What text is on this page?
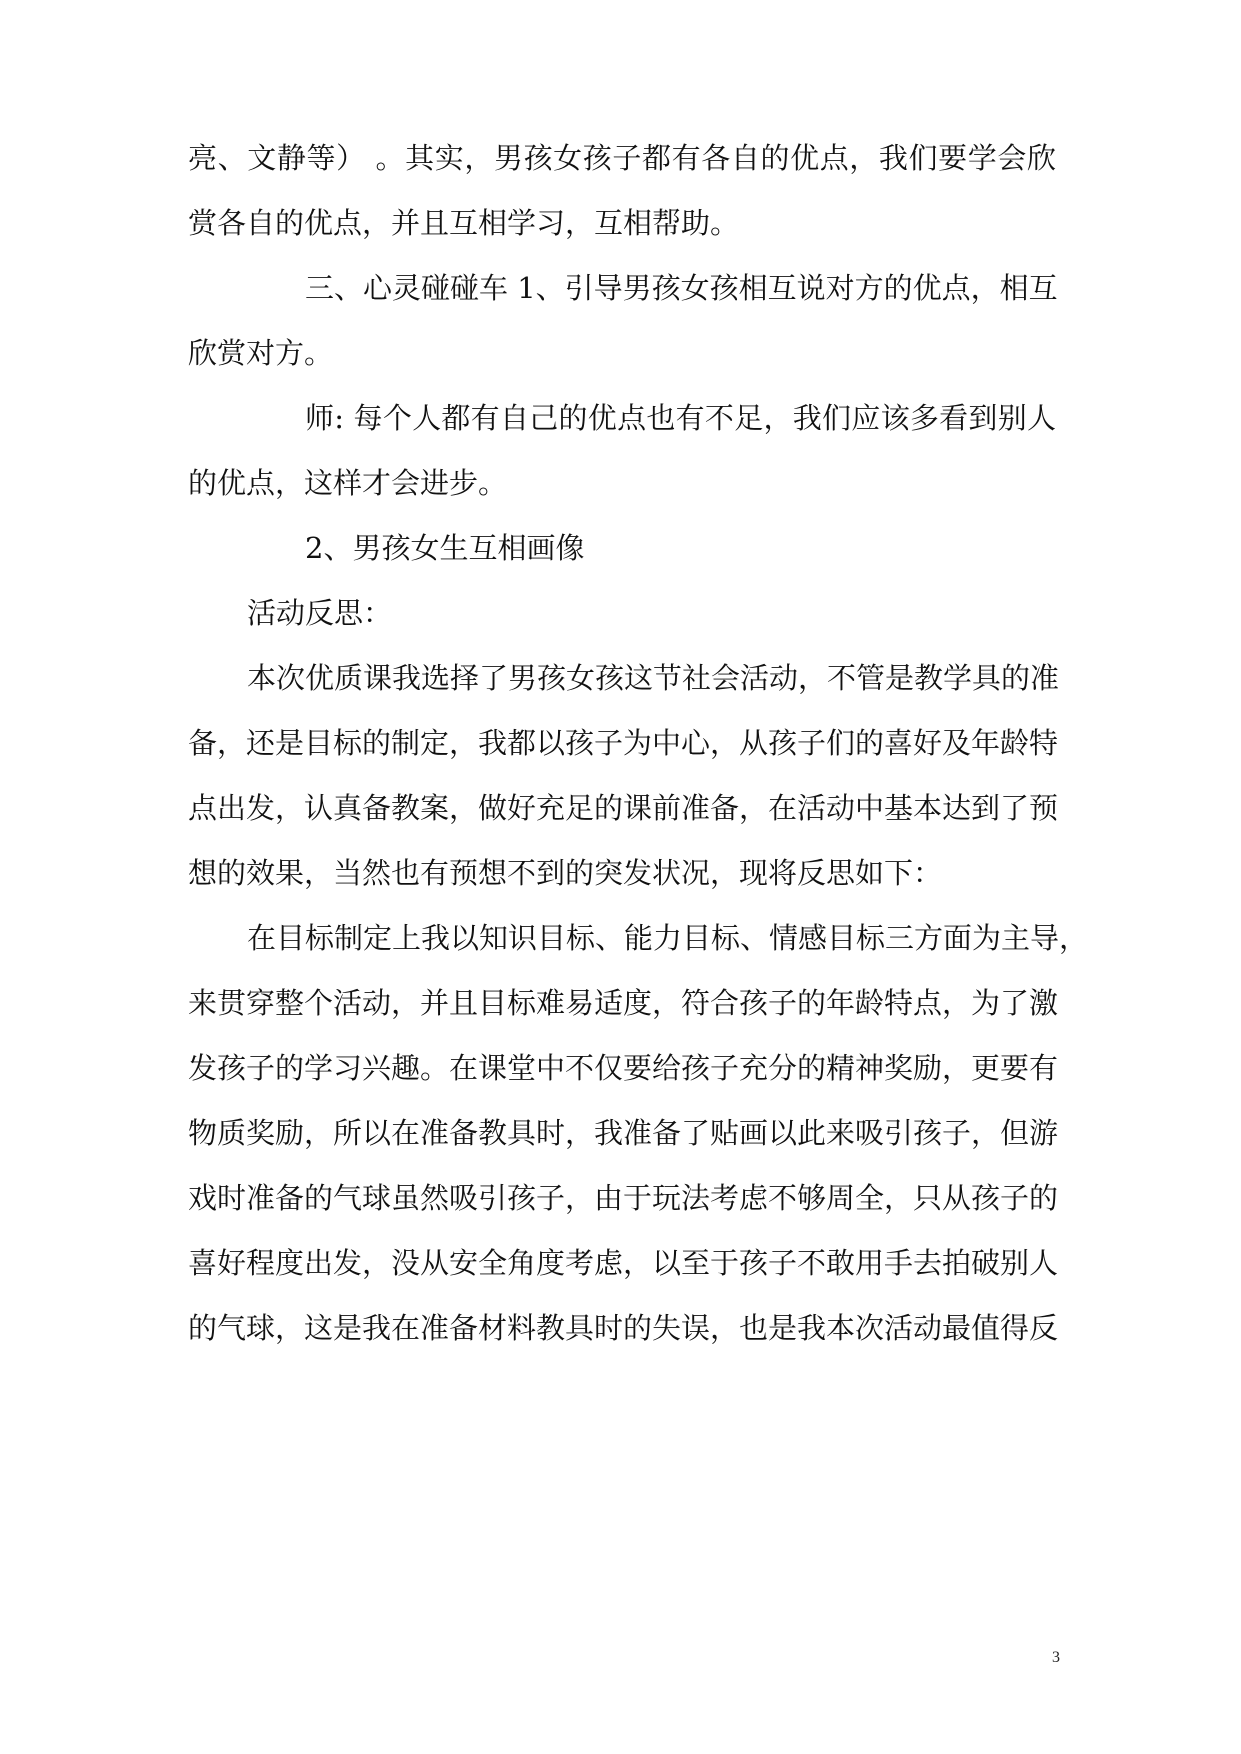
亮、文静等） 。其实，男孩女孩子都有各自的优点，我们要学会欣
赏各自的优点，并且互相学习，互相帮助。
三、心灵碰碰车 1、引导男孩女孩相互说对方的优点，相互
欣赏对方。
师: 每个人都有自己的优点也有不足，我们应该多看到别人
的优点，这样才会进步。
2、男孩女生互相画像
活动反思：
本次优质课我选择了男孩女孩这节社会活动，不管是教学具的准
备，还是目标的制定，我都以孩子为中心，从孩子们的喜好及年龄特
点出发，认真备教案，做好充足的课前准备，在活动中基本达到了预
想的效果，当然也有预想不到的突发状况，现将反思如下：
在目标制定上我以知识目标、能力目标、情感目标三方面为主导，
来贯穿整个活动，并且目标难易适度，符合孩子的年龄特点，为了激
发孩子的学习兴趣。在课堂中不仅要给孩子充分的精神奖励，更要有
物质奖励，所以在准备教具时，我准备了贴画以此来吸引孩子，但游
戏时准备的气球虽然吸引孩子，由于玩法考虑不够周全，只从孩子的
喜好程度出发，没从安全角度考虑，以至于孩子不敢用手去拍破别人
的气球，这是我在准备材料教具时的失误，也是我本次活动最值得反
3
